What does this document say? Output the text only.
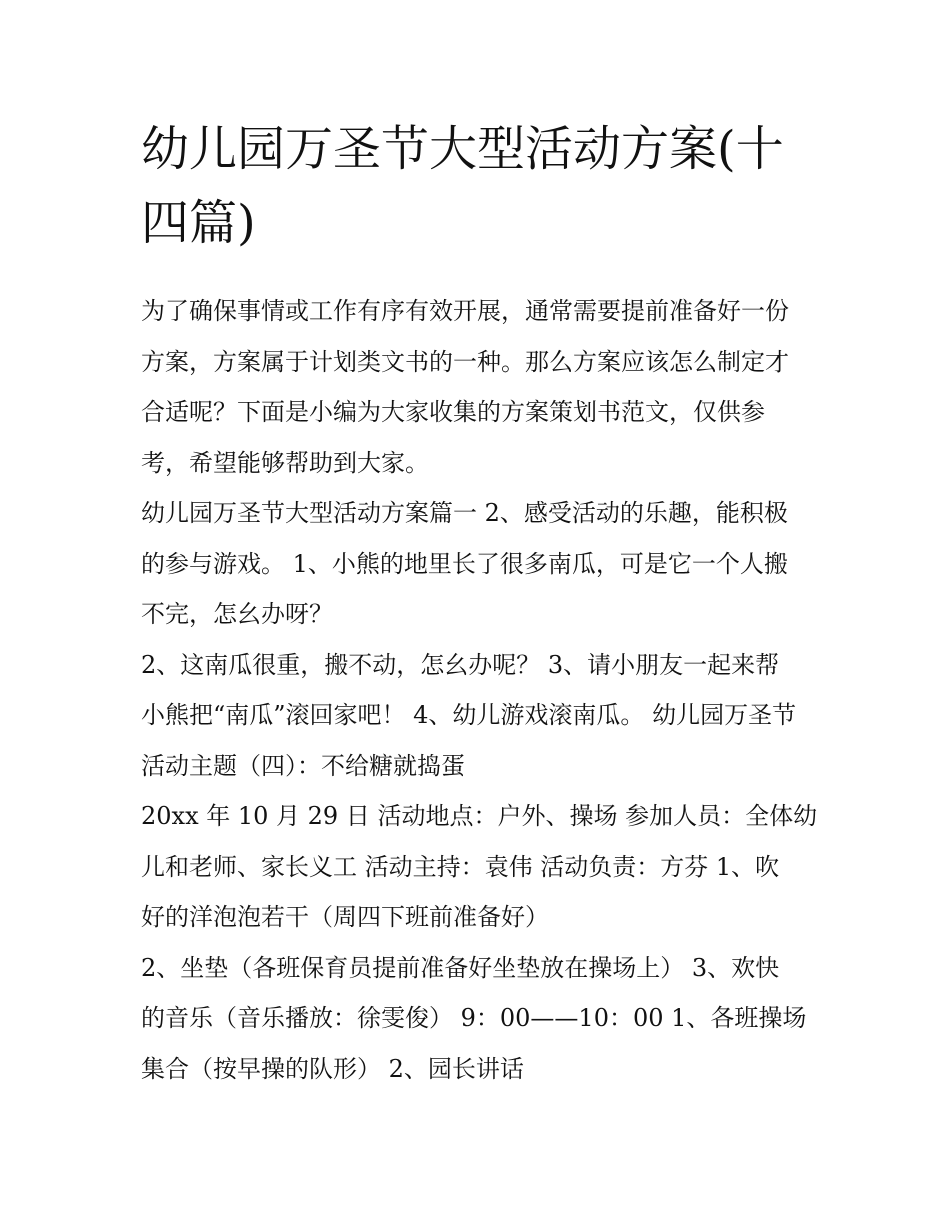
幼儿园万圣节大型活动方案(十
四篇)

为了确保事情或工作有序有效开展，通常需要提前准备好一份
方案，方案属于计划类文书的一种。那么方案应该怎么制定才
合适呢？下面是小编为大家收集的方案策划书范文，仅供参
考，希望能够帮助到大家。

幼儿园万圣节大型活动方案篇一 2、感受活动的乐趣，能积极
的参与游戏。 1、小熊的地里长了很多南瓜，可是它一个人搬
不完，怎幺办呀？

2、这南瓜很重，搬不动，怎幺办呢？ 3、请小朋友一起来帮
小熊把“南瓜”滚回家吧！ 4、幼儿游戏滚南瓜。 幼儿园万圣节
活动主题（四）：不给糖就捣蛋

20xx 年 10 月 29 日 活动地点：户外、操场 参加人员：全体幼
儿和老师、家长义工 活动主持：袁伟 活动负责：方芬 1、吹
好的洋泡泡若干（周四下班前准备好）

2、坐垫（各班保育员提前准备好坐垫放在操场上） 3、欢快
的音乐（音乐播放：徐雯俊） 9：00——10：00 1、各班操场
集合（按早操的队形） 2、园长讲话
